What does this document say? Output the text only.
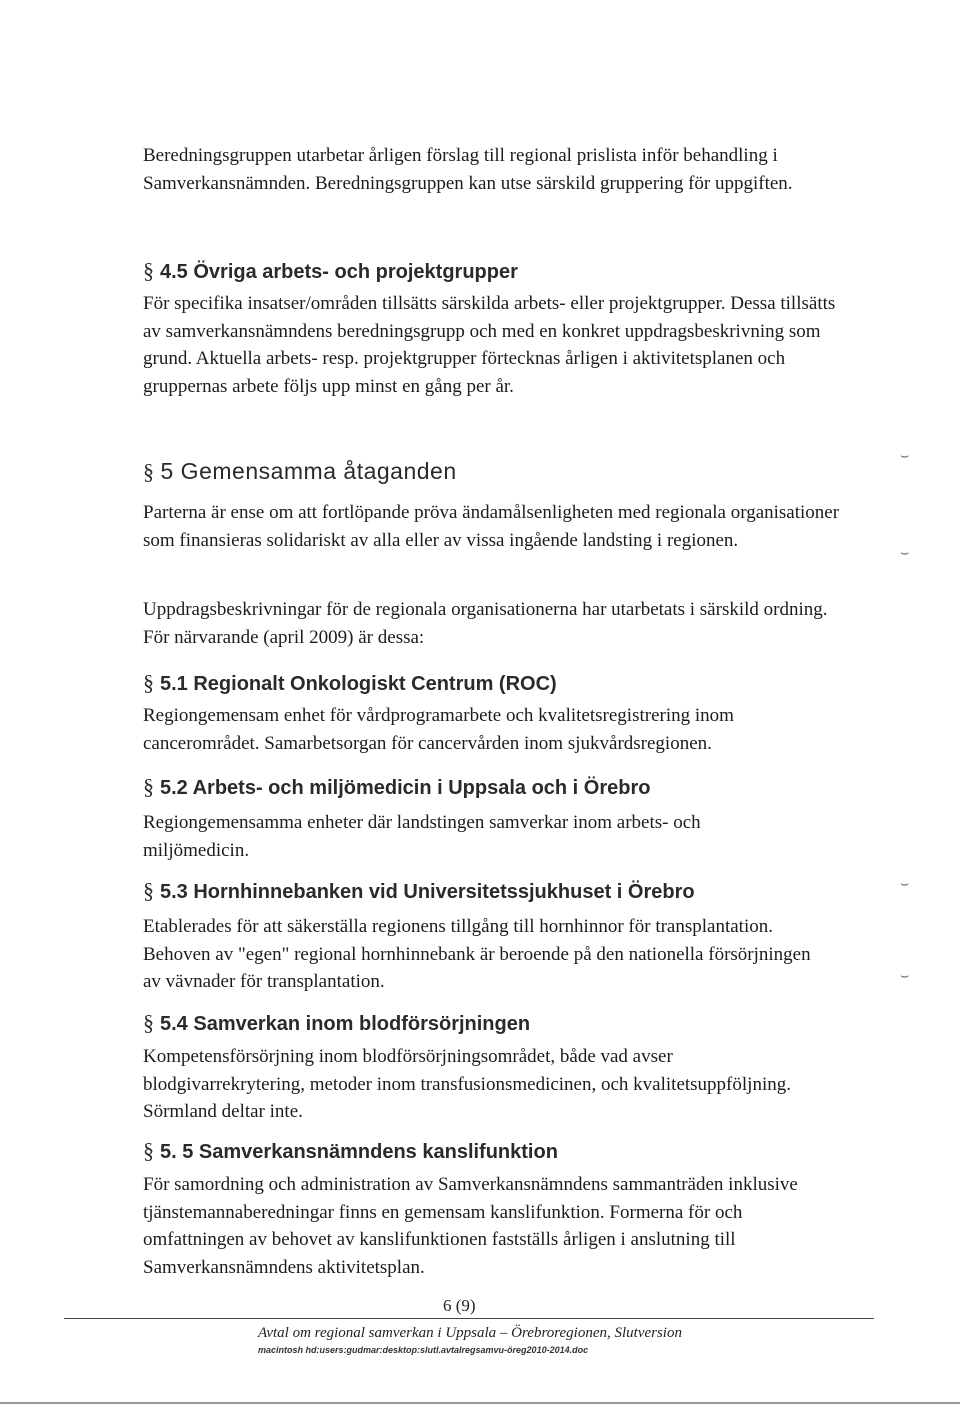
Beredningsgruppen utarbetar årligen förslag till regional prislista inför behandling i Samverkansnämnden. Beredningsgruppen kan utse särskild gruppering för uppgiften.
§ 4.5 Övriga arbets- och projektgrupper
För specifika insatser/områden tillsätts särskilda arbets- eller projektgrupper. Dessa tillsätts av samverkansnämndens beredningsgrupp och med en konkret uppdragsbeskrivning som grund. Aktuella arbets- resp. projektgrupper förtecknas årligen i aktivitetsplanen och gruppernas arbete följs upp minst en gång per år.
§ 5 Gemensamma åtaganden
Parterna är ense om att fortlöpande pröva ändamålsenligheten med regionala organisationer som finansieras solidariskt av alla eller av vissa ingående landsting i regionen.
Uppdragsbeskrivningar för de regionala organisationerna har utarbetats i särskild ordning. För närvarande (april 2009) är dessa:
§ 5.1 Regionalt Onkologiskt Centrum (ROC)
Regiongemensam enhet för vårdprogramarbete och kvalitetsregistrering inom cancerområdet. Samarbetsorgan för cancervården inom sjukvårdsregionen.
§ 5.2 Arbets- och miljömedicin i Uppsala och i Örebro
Regiongemensamma enheter där landstingen samverkar inom arbets- och miljömedicin.
§ 5.3 Hornhinnebanken vid Universitetssjukhuset i Örebro
Etablerades för att säkerställa regionens tillgång till hornhinnor för transplantation. Behoven av "egen" regional hornhinnebank är beroende på den nationella försörjningen av vävnader för transplantation.
§ 5.4 Samverkan inom blodförsörjningen
Kompetensförsörjning inom blodförsörjningsområdet, både vad avser blodgivarrekrytering, metoder inom transfusionsmedicinen, och kvalitetsuppföljning. Sörmland deltar inte.
§ 5. 5 Samverkansnämndens kanslifunktion
För samordning och administration av Samverkansnämndens sammanträden inklusive tjänstemannaberedningar finns en gemensam kanslifunktion. Formerna för och omfattningen av behovet av kanslifunktionen fastställs årligen i anslutning till Samverkansnämndens aktivitetsplan.
6 (9)
Avtal om regional samverkan i Uppsala – Örebroregionen, Slutversion
macintosh hd:users:gudmar:desktop:slutl.avtalregsamvu-öreg2010-2014.doc
⌣
⌣
⌣
⌣
